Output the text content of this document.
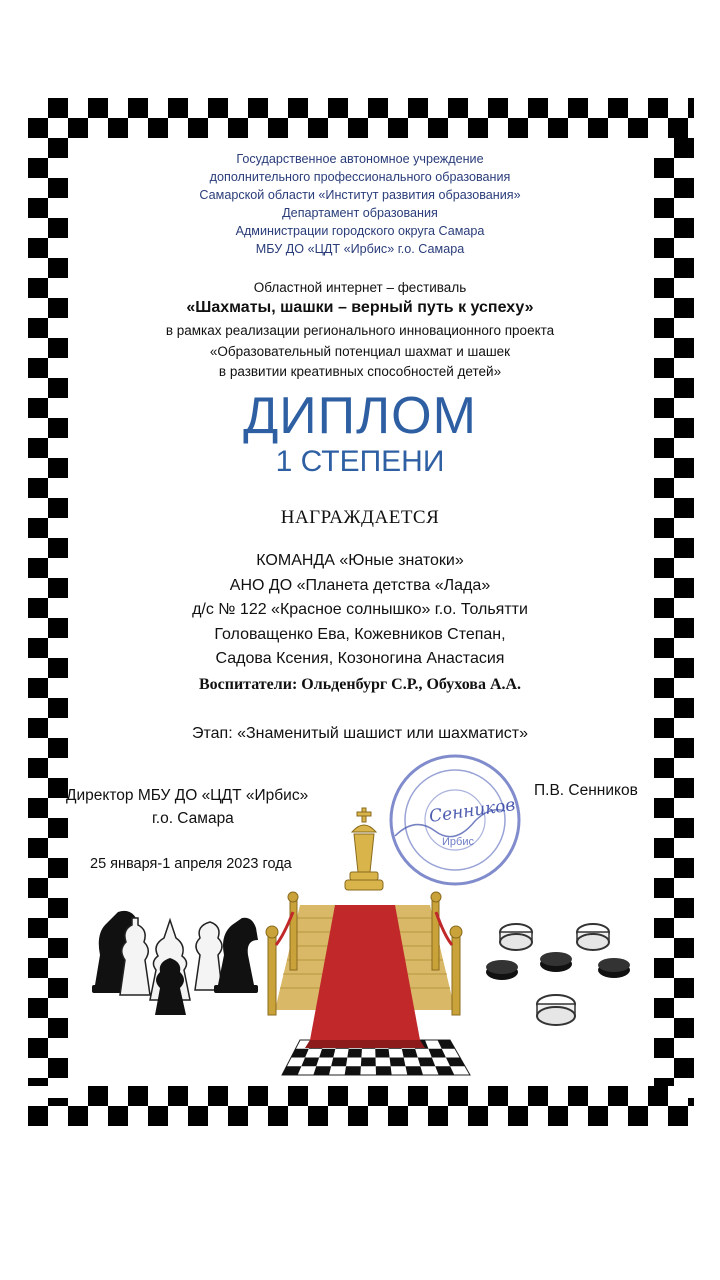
Государственное автономное учреждение
дополнительного профессионального образования
Самарской области «Институт развития образования»
Департамент образования
Администрации городского округа Самара
МБУ ДО «ЦДТ «Ирбис» г.о. Самара
Областной интернет – фестиваль
«Шахматы, шашки – верный путь к успеху»
в рамках реализации регионального инновационного проекта
«Образовательный потенциал шахмат и шашек
в развитии креативных способностей детей»
ДИПЛОМ
1 СТЕПЕНИ
НАГРАЖДАЕТСЯ
КОМАНДА «Юные знатоки»
АНО ДО «Планета детства «Лада»
д/с № 122 «Красное солнышко» г.о. Тольятти
Головащенко Ева, Кожевников Степан,
Садова Ксения, Козоногина Анастасия
Воспитатели: Ольденбург С.Р., Обухова А.А.
Этап: «Знаменитый шашист или шахматист»
Директор МБУ ДО «ЦДТ «Ирбис»
г.о. Самара
П.В. Сенников
25 января-1 апреля 2023 года
Ирбис
Сенников
